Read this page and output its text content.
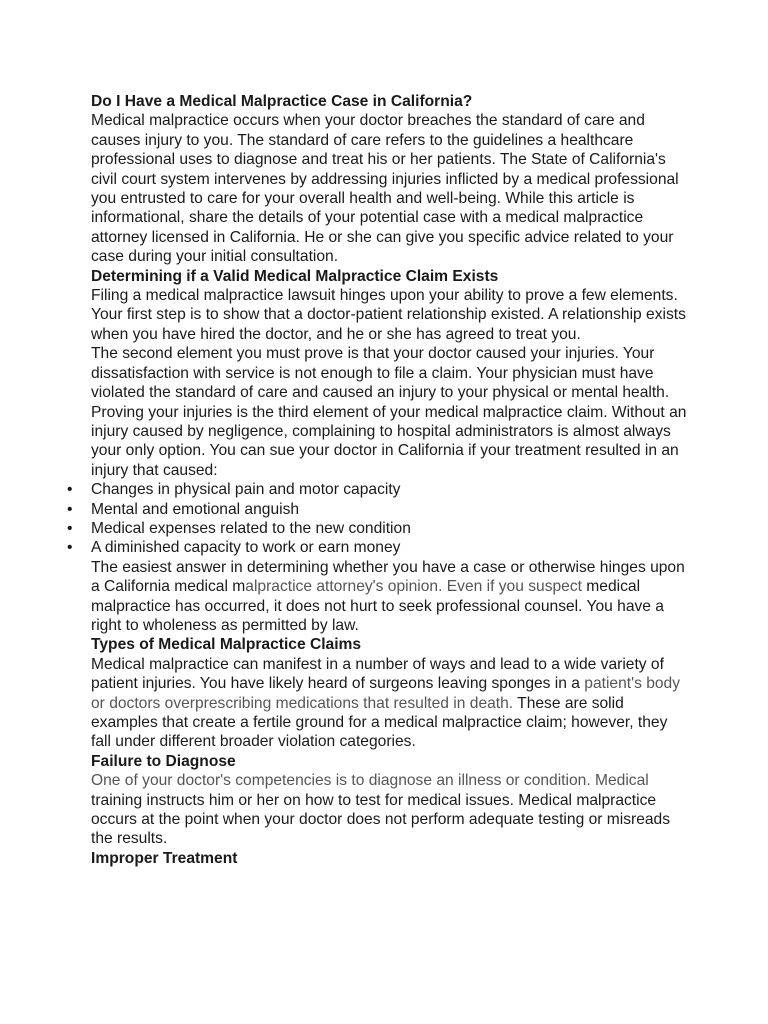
Do I Have a Medical Malpractice Case in California?

Medical malpractice occurs when your doctor breaches the standard of care and causes injury to you. The standard of care refers to the guidelines a healthcare professional uses to diagnose and treat his or her patients. The State of California's civil court system intervenes by addressing injuries inflicted by a medical professional you entrusted to care for your overall health and well-being. While this article is informational, share the details of your potential case with a medical malpractice attorney licensed in California. He or she can give you specific advice related to your case during your initial consultation.

Determining if a Valid Medical Malpractice Claim Exists

Filing a medical malpractice lawsuit hinges upon your ability to prove a few elements. Your first step is to show that a doctor-patient relationship existed. A relationship exists when you have hired the doctor, and he or she has agreed to treat you.

The second element you must prove is that your doctor caused your injuries. Your dissatisfaction with service is not enough to file a claim. Your physician must have violated the standard of care and caused an injury to your physical or mental health.

Proving your injuries is the third element of your medical malpractice claim. Without an injury caused by negligence, complaining to hospital administrators is almost always your only option. You can sue your doctor in California if your treatment resulted in an injury that caused:

• Changes in physical pain and motor capacity
• Mental and emotional anguish
• Medical expenses related to the new condition
• A diminished capacity to work or earn money

The easiest answer in determining whether you have a case or otherwise hinges upon a California medical malpractice attorney's opinion. Even if you suspect medical malpractice has occurred, it does not hurt to seek professional counsel. You have a right to wholeness as permitted by law.

Types of Medical Malpractice Claims

Medical malpractice can manifest in a number of ways and lead to a wide variety of patient injuries. You have likely heard of surgeons leaving sponges in a patient's body or doctors overprescribing medications that resulted in death. These are solid examples that create a fertile ground for a medical malpractice claim; however, they fall under different broader violation categories.

Failure to Diagnose

One of your doctor's competencies is to diagnose an illness or condition. Medical training instructs him or her on how to test for medical issues. Medical malpractice occurs at the point when your doctor does not perform adequate testing or misreads the results.

Improper Treatment
